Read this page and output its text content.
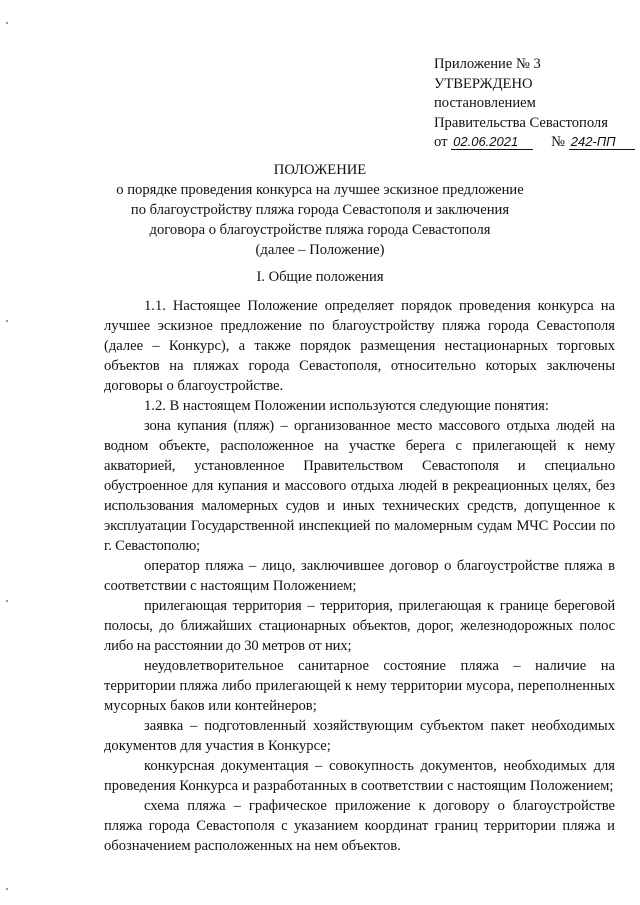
Приложение № 3
УТВЕРЖДЕНО
постановлением
Правительства Севастополя
от 02.06.2021 № 242-ПП
ПОЛОЖЕНИЕ
о порядке проведения конкурса на лучшее эскизное предложение
по благоустройству пляжа города Севастополя и заключения
договора о благоустройстве пляжа города Севастополя
(далее – Положение)
I. Общие положения

1.1. Настоящее Положение определяет порядок проведения конкурса на лучшее эскизное предложение по благоустройству пляжа города Севастополя (далее – Конкурс), а также порядок размещения нестационарных торговых объектов на пляжах города Севастополя, относительно которых заключены договоры о благоустройстве.

1.2. В настоящем Положении используются следующие понятия:

зона купания (пляж) – организованное место массового отдыха людей на водном объекте, расположенное на участке берега с прилегающей к нему акваторией, установленное Правительством Севастополя и специально обустроенное для купания и массового отдыха людей в рекреационных целях, без использования маломерных судов и иных технических средств, допущенное к эксплуатации Государственной инспекцией по маломерным судам МЧС России по г. Севастополю;

оператор пляжа – лицо, заключившее договор о благоустройстве пляжа в соответствии с настоящим Положением;

прилегающая территория – территория, прилегающая к границе береговой полосы, до ближайших стационарных объектов, дорог, железнодорожных полос либо на расстоянии до 30 метров от них;

неудовлетворительное санитарное состояние пляжа – наличие на территории пляжа либо прилегающей к нему территории мусора, переполненных мусорных баков или контейнеров;

заявка – подготовленный хозяйствующим субъектом пакет необходимых документов для участия в Конкурсе;

конкурсная документация – совокупность документов, необходимых для проведения Конкурса и разработанных в соответствии с настоящим Положением;

схема пляжа – графическое приложение к договору о благоустройстве пляжа города Севастополя с указанием координат границ территории пляжа и обозначением расположенных на нем объектов.
